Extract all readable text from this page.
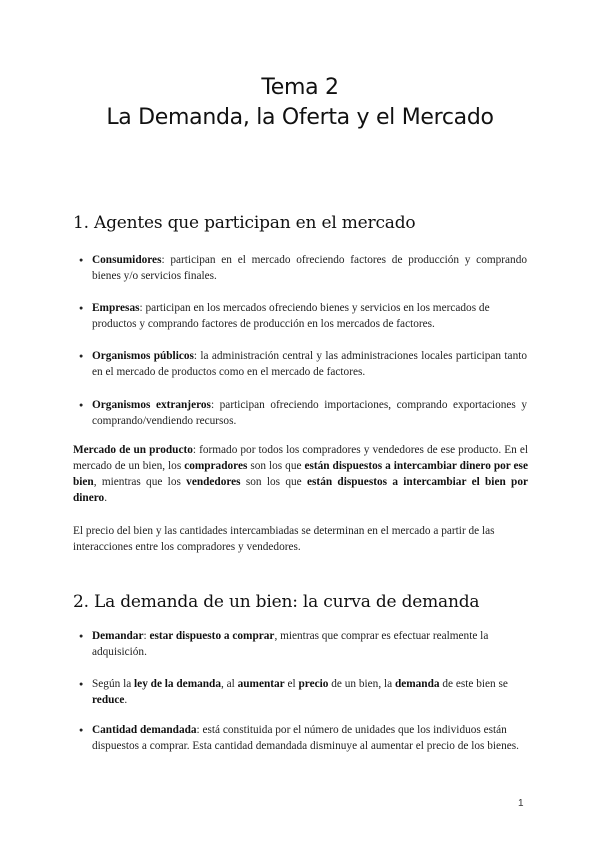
Tema 2
La Demanda, la Oferta y el Mercado
1. Agentes que participan en el mercado
● Consumidores: participan en el mercado ofreciendo factores de producción y comprando bienes y/o servicios finales.
● Empresas: participan en los mercados ofreciendo bienes y servicios en los mercados de productos y comprando factores de producción en los mercados de factores.
● Organismos públicos: la administración central y las administraciones locales participan tanto en el mercado de productos como en el mercado de factores.
● Organismos extranjeros: participan ofreciendo importaciones, comprando exportaciones y comprando/vendiendo recursos.
Mercado de un producto: formado por todos los compradores y vendedores de ese producto. En el mercado de un bien, los compradores son los que están dispuestos a intercambiar dinero por ese bien, mientras que los vendedores son los que están dispuestos a intercambiar el bien por dinero.
El precio del bien y las cantidades intercambiadas se determinan en el mercado a partir de las interacciones entre los compradores y vendedores.
2. La demanda de un bien: la curva de demanda
● Demandar: estar dispuesto a comprar, mientras que comprar es efectuar realmente la adquisición.
● Según la ley de la demanda, al aumentar el precio de un bien, la demanda de este bien se reduce.
● Cantidad demandada: está constituida por el número de unidades que los individuos están dispuestos a comprar. Esta cantidad demandada disminuye al aumentar el precio de los bienes.
1
